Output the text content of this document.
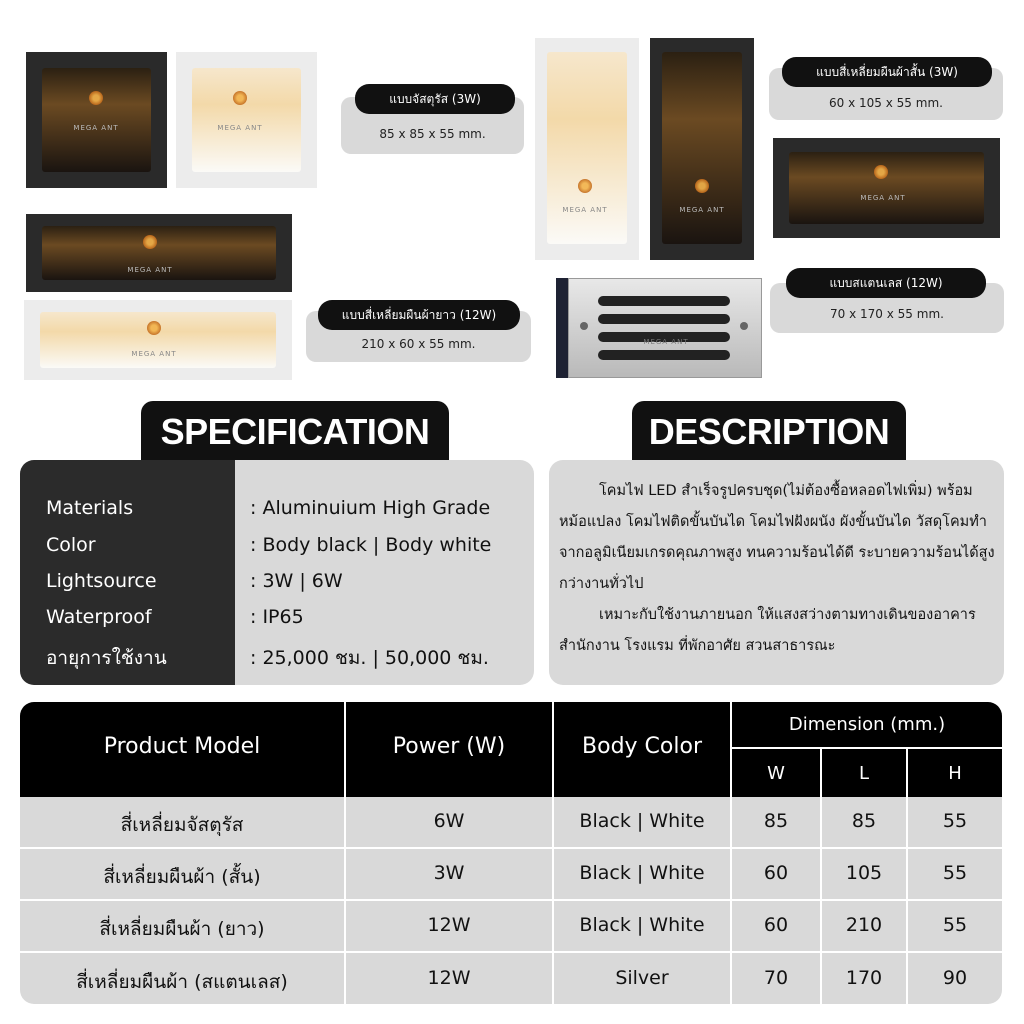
MEGA ANT	MEGA ANT
แบบจัสตุรัส (3W)
85 x 85 x 55 mm.
MEGA ANT	MEGA ANT
แบบสี่เหลี่ยมผืนผ้าสั้น (3W)
60 x 105 x 55 mm.
MEGA ANT
MEGA ANT
แบบสี่เหลี่ยมผืนผ้ายาว (12W)
210 x 60 x 55 mm.
MEGA ANT
MEGA ANT
แบบสแตนเลส (12W)
70 x 170 x 55 mm.
SPECIFICATION	DESCRIPTION
Materials	: Aluminuium High Grade
Color	: Body black | Body white
Lightsource	: 3W | 6W
Waterproof	: IP65
อายุการใช้งาน	: 25,000 ชม. | 50,000 ชม.

โคมไฟ LED สำเร็จรูปครบชุด(ไม่ต้องซื้อหลอดไฟเพิ่ม) พร้อมหม้อแปลง โคมไฟติดขั้นบันได โคมไฟฝังผนัง ผังขั้นบันได วัสดุโคมทำจากอลูมิเนียมเกรดคุณภาพสูง ทนความร้อนได้ดี ระบายความร้อนได้สูงกว่างานทั่วไป

เหมาะกับใช้งานภายนอก ให้แสงสว่างตามทางเดินของอาคารสำนักงาน โรงแรม ที่พักอาศัย สวนสาธารณะ

Product Model	Power (W)	Body Color
Dimension (mm.)
W	L	H
สี่เหลี่ยมจัสตุรัส	6W	Black | White	85	85	55
สี่เหลี่ยมผืนผ้า (สั้น)	3W	Black | White	60	105	55
สี่เหลี่ยมผืนผ้า (ยาว)	12W	Black | White	60	210	55
สี่เหลี่ยมผืนผ้า (สแตนเลส)	12W	Silver	70	170	90
